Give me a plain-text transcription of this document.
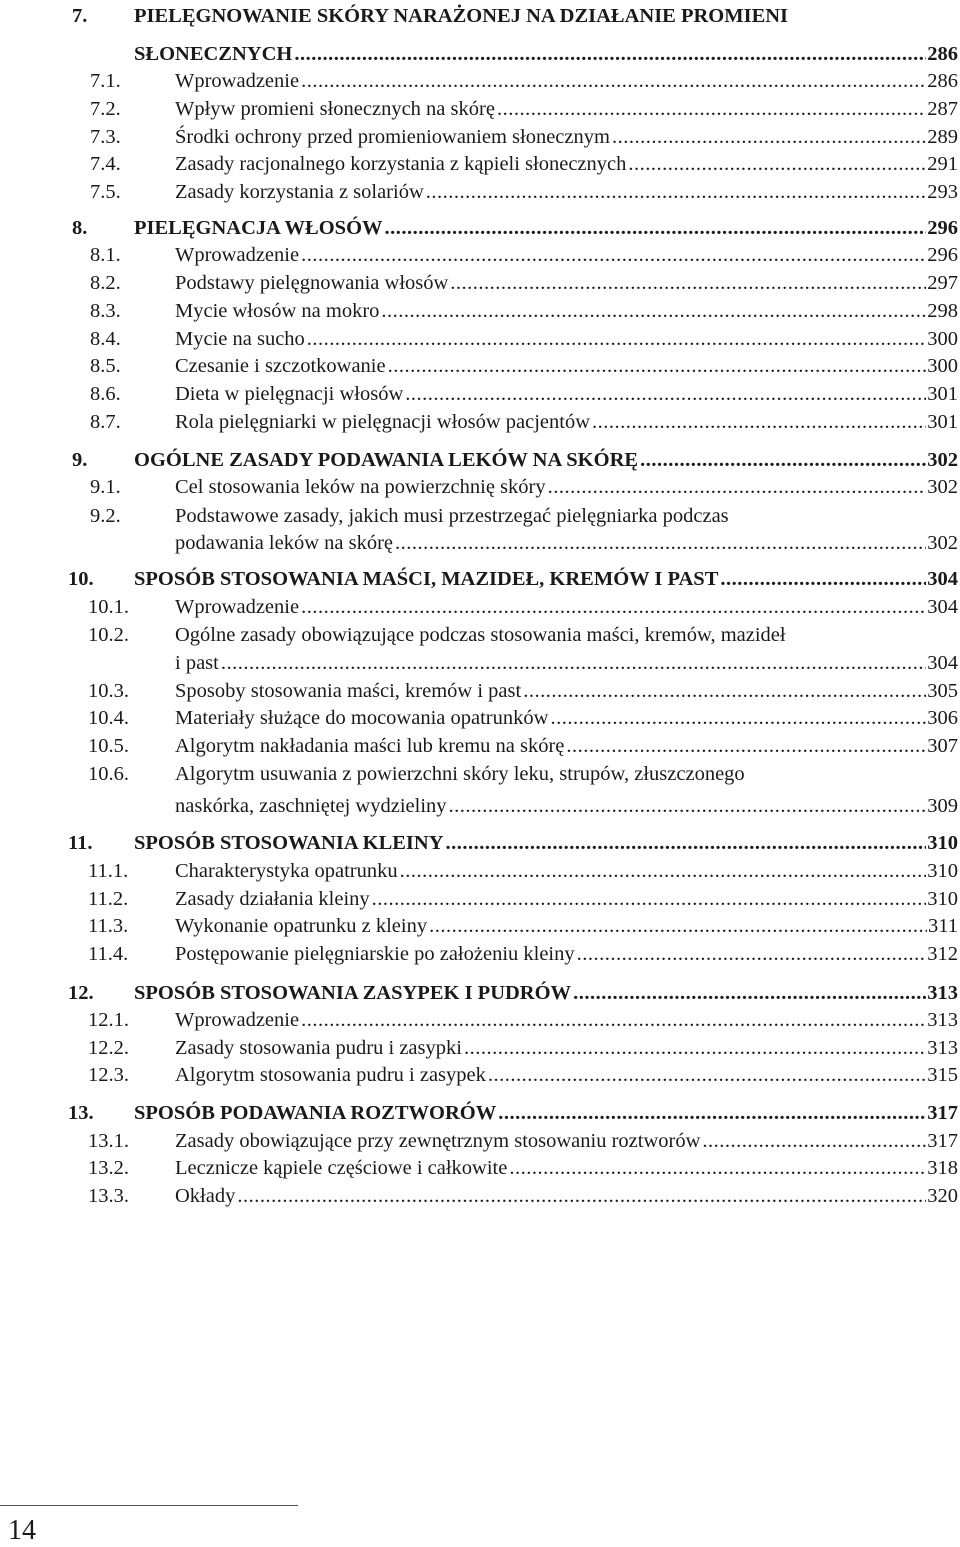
7. PIELĘGNOWANIE SKÓRY NARAŻONEJ NA DZIAŁANIE PROMIENI
SŁONECZNYCH .....	286
7.1.	Wprowadzenie .....	286
7.2.	Wpływ promieni słonecznych na skórę .....	287
7.3.	Środki ochrony przed promieniowaniem słonecznym .....	289
7.4.	Zasady racjonalnego korzystania z kąpieli słonecznych .....	291
7.5.	Zasady korzystania z solariów .....	293
8. PIELĘGNACJA WŁOSÓW .....	296
8.1.	Wprowadzenie .....	296
8.2.	Podstawy pielęgnowania włosów .....	297
8.3.	Mycie włosów na mokro .....	298
8.4.	Mycie na sucho .....	300
8.5.	Czesanie i szczotkowanie .....	300
8.6.	Dieta w pielęgnacji włosów .....	301
8.7.	Rola pielęgniarki w pielęgnacji włosów pacjentów .....	301
9. OGÓLNE ZASADY PODAWANIA LEKÓW NA SKÓRĘ .....	302
9.1.	Cel stosowania leków na powierzchnię skóry .....	302
9.2.	Podstawowe zasady, jakich musi przestrzegać pielęgniarka podczas
podawania leków na skórę .....	302
10. SPOSÓB STOSOWANIA MAŚCI, MAZIDEŁ, KREMÓW I PAST .....	304
10.1. Wprowadzenie .....	304
10.2. Ogólne zasady obowiązujące podczas stosowania maści, kremów, mazideł
i past .....	304
10.3. Sposoby stosowania maści, kremów i past .....	305
10.4. Materiały służące do mocowania opatrunków .....	306
10.5. Algorytm nakładania maści lub kremu na skórę .....	307
10.6. Algorytm usuwania z powierzchni skóry leku, strupów, złuszczonego
naskórka, zaschniętej wydzieliny .....	309
11. SPOSÓB STOSOWANIA KLEINY .....	310
11.1. Charakterystyka opatrunku .....	310
11.2. Zasady działania kleiny .....	310
11.3. Wykonanie opatrunku z kleiny .....	311
11.4. Postępowanie pielęgniarskie po założeniu kleiny .....	312
12. SPOSÓB STOSOWANIA ZASYPEK I PUDRÓW .....	313
12.1. Wprowadzenie .....	313
12.2. Zasady stosowania pudru i zasypki .....	313
12.3. Algorytm stosowania pudru i zasypek .....	315
13. SPOSÓB PODAWANIA ROZTWORÓW .....	317
13.1. Zasady obowiązujące przy zewnętrznym stosowaniu roztworów .....	317
13.2. Lecznicze kąpiele częściowe i całkowite .....	318
13.3. Okłady .....	320
14
